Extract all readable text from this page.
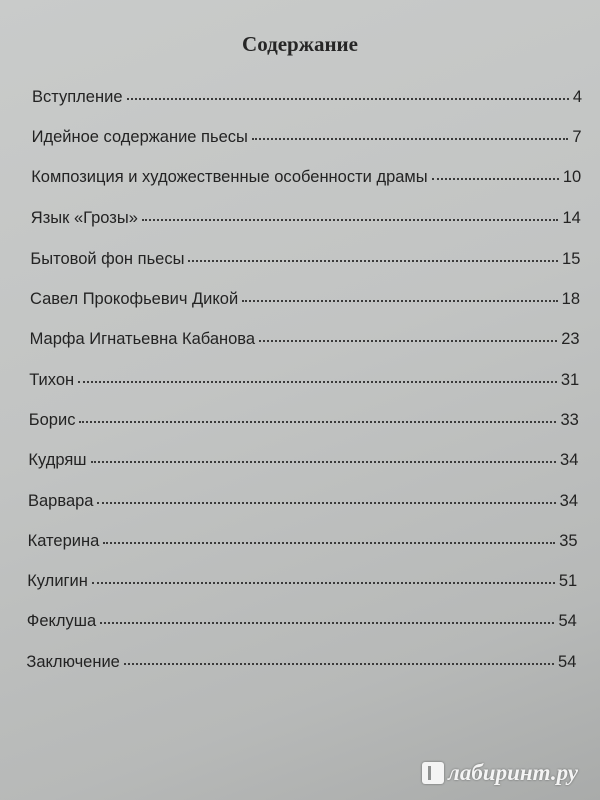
Содержание
Вступление	4
Идейное содержание пьесы	7
Композиция и художественные особенности драмы	10
Язык «Грозы»	14
Бытовой фон пьесы	15
Савел Прокофьевич Дикой	18
Марфа Игнатьевна Кабанова	23
Тихон	31
Борис	33
Кудряш	34
Варвара	34
Катерина	35
Кулигин	51
Феклуша	54
Заключение	54
лабиринт.ру
